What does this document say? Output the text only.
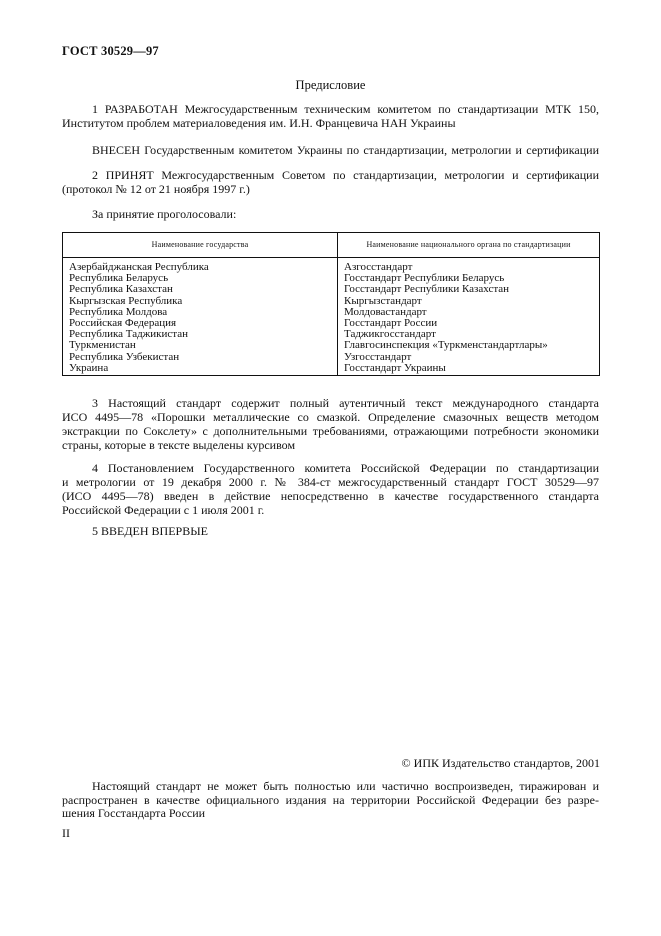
ГОСТ 30529—97
Предисловие
1 РАЗРАБОТАН Межгосударственным техническим комитетом по стандартизации МТК 150,
Институтом проблем материаловедения им. И.Н. Францевича НАН Украины
ВНЕСЕН Государственным комитетом Украины по стандартизации, метрологии и сертификации
2 ПРИНЯТ Межгосударственным Советом по стандартизации, метрологии и сертификации
(протокол № 12 от 21 ноября 1997 г.)
За принятие проголосовали:
Наименование государства	Наименование национального органа по стандартизации
Азербайджанская Республика	Азгосстандарт
Республика Беларусь	Госстандарт Республики Беларусь
Республика Казахстан	Госстандарт Республики Казахстан
Кыргызская Республика	Кыргызстандарт
Республика Молдова	Молдовастандарт
Российская Федерация	Госстандарт России
Республика Таджикистан	Таджикгосстандарт
Туркменистан	Главгосинспекция «Туркменстандартлары»
Республика Узбекистан	Узгосстандарт
Украина	Госстандарт Украины
3 Настоящий стандарт содержит полный аутентичный текст международного стандарта
ИСО 4495—78 «Порошки металлические со смазкой. Определение смазочных веществ методом
экстракции по Сокслету» с дополнительными требованиями, отражающими потребности экономики
страны, которые в тексте выделены курсивом
4 Постановлением Государственного комитета Российской Федерации по стандартизации
и метрологии от 19 декабря 2000 г. № 384-ст межгосударственный стандарт ГОСТ 30529—97
(ИСО 4495—78) введен в действие непосредственно в качестве государственного стандарта
Российской Федерации с 1 июля 2001 г.
5 ВВЕДЕН ВПЕРВЫЕ
© ИПК Издательство стандартов, 2001
Настоящий стандарт не может быть полностью или частично воспроизведен, тиражирован и
распространен в качестве официального издания на территории Российской Федерации без разре-
шения Госстандарта России
II
